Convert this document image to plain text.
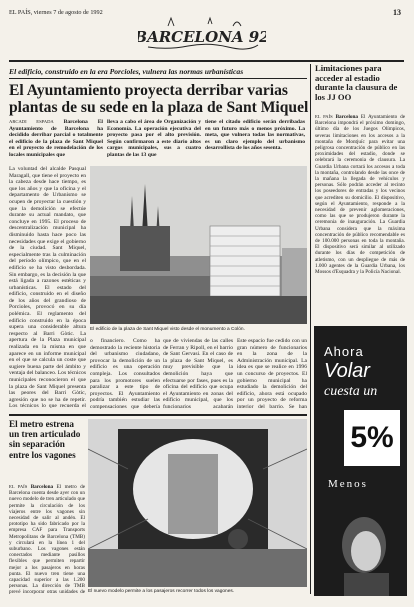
EL PAÍS, viernes 7 de agosto de 1992	13
BARCELONA 92
El edificio, construido en la era Porcioles, vulnera las normas urbanísticas
El Ayuntamiento proyecta derribar varias plantas de su sede en la plaza de Sant Miquel
ARCADI ESPADA Barcelona El Ayuntamiento de Barcelona ha decidido derribar parcial o totalmente el edificio de la plaza de Sant Miquel en el proyecto de remodelación de los locales municipales que
lleva a cabo el área de Organización y Economía. La operación ejecutiva del proyecto pasa por el alto previsión. Según confirmaron a este diario altos cargos municipales, sus a cuatro plantas de las 13 que
tiene el citado edificio serán derribadas en un futuro más o menos próximo. La meta, que vulnera todas las normativas, es un claro ejemplo del urbanismo desarrollista de los años sesenta.
La voluntad del alcalde Pasqual Maragall, que tiene el proyecto en la cabeza desde hace tiempo, es que los años y que la oficina y el departamento de Urbanismo se ocupen de proyectar la cuestión y que la demolición se efectúe durante su actual mandato, que concluye en 1995. El proceso de descentralización municipal ha disminuido hasta hace poco las necesidades que exige el gobierno de la ciudad. Sant Miquel, especialmente tras la culminación del período olímpico, que en el edificio se ha visto desbordada. Sin embargo, es la decisión la que está ligada a razones estéticas y urbanísticas. El estado del edificio, construido en el diseño de los años del grandioso de Porcioles, provocó en su día polémica. El reglamento del edificio construido en la época supera una considerable altura respecto al Barri Gòtic. La apertura de la Plaza municipal realizada en la misma en que aparece en un informe municipal en el que se calcula un coste que sugiere buena parte del ámbito y ventaja del balanceo. Los técnicos municipales reconocieron el que la plaza de Sant Miquel presenta las peores del Barri Gòtic, agresión que no se ha de repetir. Los técnicos lo que recuerda el
El edificio de la plaza de Sant Miquel visto desde el monumento a Colón.
o financiero. Como ha demostrado la reciente historia del urbanismo ciudadano, provocar la demolición de un edificio es una operación compleja. Los consultados para los promotores suelen paralizar a este tipo de proyectos. El Ayuntamiento podría también estudiar las compensaciones que debería
que de viviendas de las calles de Ferran y Ripoll, en el barrio de Sant Gervasi. En el caso de la plaza de Sant Miquel, es muy previsible que la demolición haya que efectuarse por fases, pues es la oficina del edificio que ocupa el Ayuntamiento en zonas del edificio municipal, que los funcionarios acabarán
Este espacio fue cedido con un gran número de funcionarios en la zona de la Administración municipal. La idea es que se realice en 1996 un concurso de proyectos. El gobierno municipal ha estudiado la demolición del edificio, ahora está ocupado por un proyecto de reforma interior del barrio. Se han
Limitaciones para acceder al estadio durante la clausura de los JJ OO
EL PAÍS Barcelona El Ayuntamiento de Barcelona impondrá el próximo domingo, último día de los Juegos Olímpicos, severas limitaciones en los accesos a la montaña de Montjuïc para evitar una peligrosa concentración de público en las proximidades del estadio, donde se celebrará la ceremonia de clausura. La Guardia Urbana cortará los accesos a toda la montaña, controlando desde las once de la mañana la llegada de vehículos y personas. Sólo podrán acceder al recinto los poseedores de entradas y los vecinos que acrediten su domicilio. El dispositivo, según el Ayuntamiento, responde a la necesidad de prevenir aglomeraciones, como las que se produjeron durante la ceremonia de inauguración. La Guardia Urbana considera que la máxima concentración de público recomendable es de 100.000 personas en toda la montaña. El dispositivo será similar al utilizado durante los días de competición de atletismo, con un despliegue de más de 1.000 agentes de la Guardia Urbana, los Mossos d'Esquadra y la Policía Nacional.
Ahora
Volar
cuesta un
5%
Menos
El metro estrena un tren articulado sin separación entre los vagones
EL PAÍS Barcelona El metro de Barcelona cuenta desde ayer con un nuevo modelo de tren articulado que permite la circulación de los viajeros entre los vagones sin necesidad de salir al andén. El prototipo ha sido fabricado por la empresa CAF para Transports Metropolitans de Barcelona (TMB) y circulará en la línea 1 del suburbano. Los vagones están conectados mediante pasillos flexibles que permiten repartir mejor a los pasajeros en horas punta. El nuevo tren tiene una capacidad superior a las 1.200 personas. La dirección de TMB prevé incorporar otras unidades de El nuevo modelo permite a los pasajeros recorrer todos los vagones.
